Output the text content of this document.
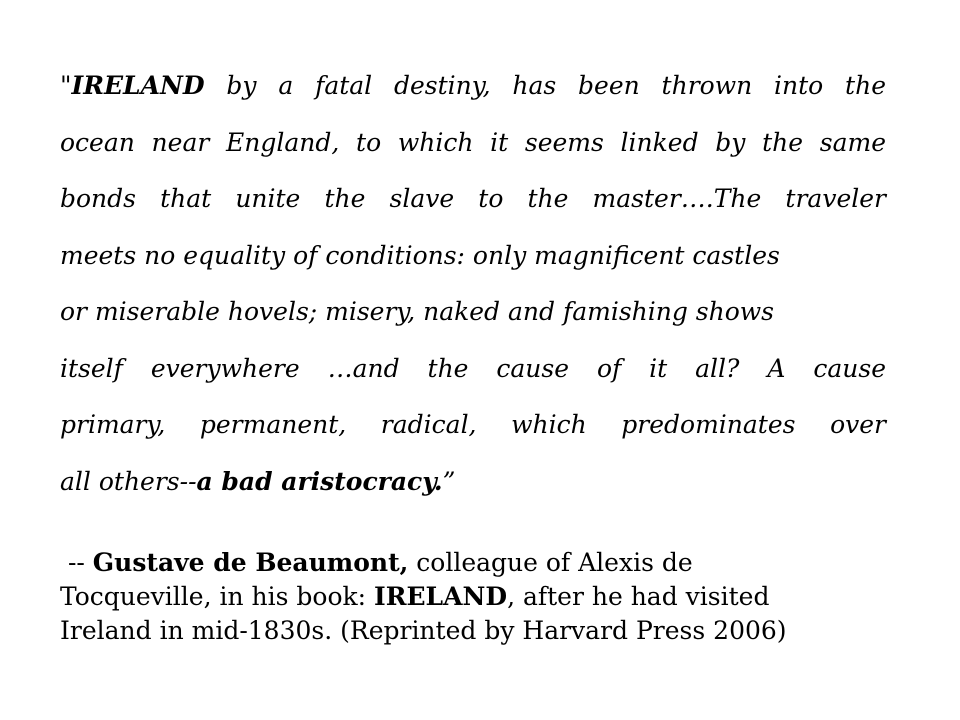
"IRELAND by a fatal destiny, has been thrown into the
ocean near England, to which it seems linked by the same
bonds that unite the slave to the master….The traveler
meets no equality of conditions: only magnificent castles
or miserable hovels; misery, naked and famishing shows
itself everywhere …and the cause of it all? A cause
primary, permanent, radical, which predominates over
all others--a bad aristocracy.”
-- Gustave de Beaumont, colleague of Alexis de
Tocqueville, in his book: IRELAND, after he had visited
Ireland in mid-1830s. (Reprinted by Harvard Press 2006)
